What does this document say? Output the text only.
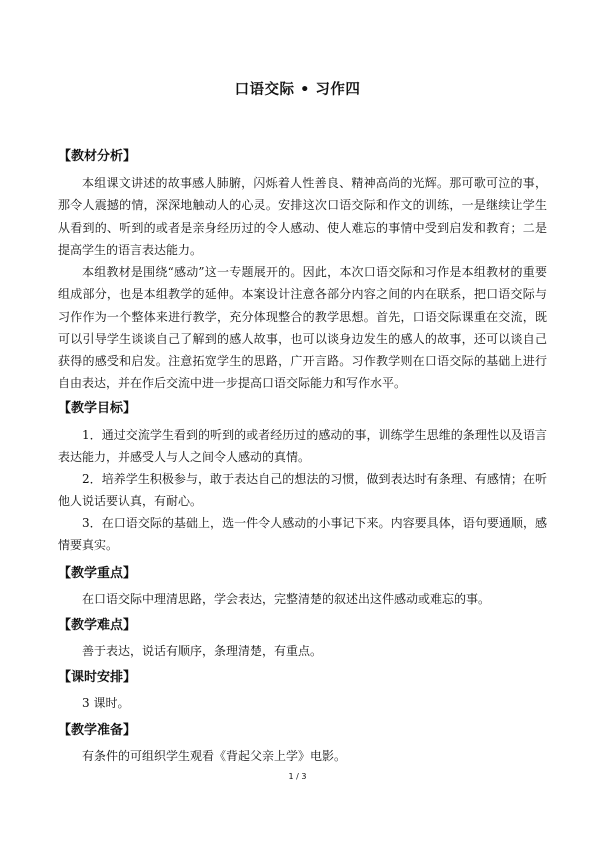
口语交际 • 习作四
【教材分析】
本组课文讲述的故事感人肺腑，闪烁着人性善良、精神高尚的光辉。那可歌可泣的事，那令人震撼的情，深深地触动人的心灵。安排这次口语交际和作文的训练，一是继续让学生从看到的、听到的或者是亲身经历过的令人感动、使人难忘的事情中受到启发和教育；二是提高学生的语言表达能力。
本组教材是围绕“感动”这一专题展开的。因此，本次口语交际和习作是本组教材的重要组成部分，也是本组教学的延伸。本案设计注意各部分内容之间的内在联系，把口语交际与习作作为一个整体来进行教学，充分体现整合的教学思想。首先，口语交际课重在交流，既可以引导学生谈谈自己了解到的感人故事，也可以谈身边发生的感人的故事，还可以谈自己获得的感受和启发。注意拓宽学生的思路，广开言路。习作教学则在口语交际的基础上进行自由表达，并在作后交流中进一步提高口语交际能力和写作水平。
【教学目标】
1．通过交流学生看到的听到的或者经历过的感动的事，训练学生思维的条理性以及语言表达能力，并感受人与人之间令人感动的真情。
2．培养学生积极参与，敢于表达自己的想法的习惯，做到表达时有条理、有感情；在听他人说话要认真，有耐心。
3．在口语交际的基础上，选一件令人感动的小事记下来。内容要具体，语句要通顺，感情要真实。
【教学重点】
在口语交际中理清思路，学会表达，完整清楚的叙述出这件感动或难忘的事。
【教学难点】
善于表达，说话有顺序，条理清楚，有重点。
【课时安排】
3 课时。
【教学准备】
有条件的可组织学生观看《背起父亲上学》电影。
1 / 3
